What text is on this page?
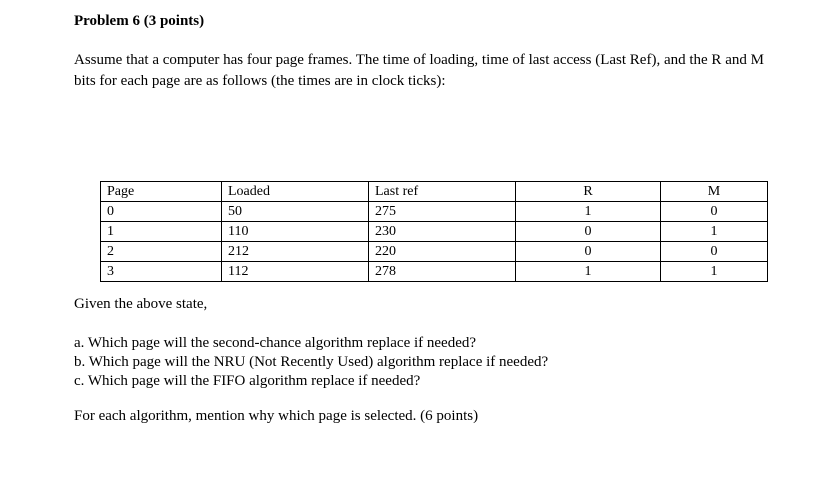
Problem 6 (3 points)
Assume that a computer has four page frames. The time of loading, time of last access (Last Ref), and the R and M bits for each page are as follows (the times are in clock ticks):
Page	Loaded	Last ref	R	M
0	50	275	1	0
1	110	230	0	1
2	212	220	0	0
3	112	278	1	1
Given the above state,
a. Which page will the second-chance algorithm replace if needed?
b. Which page will the NRU (Not Recently Used) algorithm replace if needed?
c. Which page will the FIFO algorithm replace if needed?
For each algorithm, mention why which page is selected. (6 points)
